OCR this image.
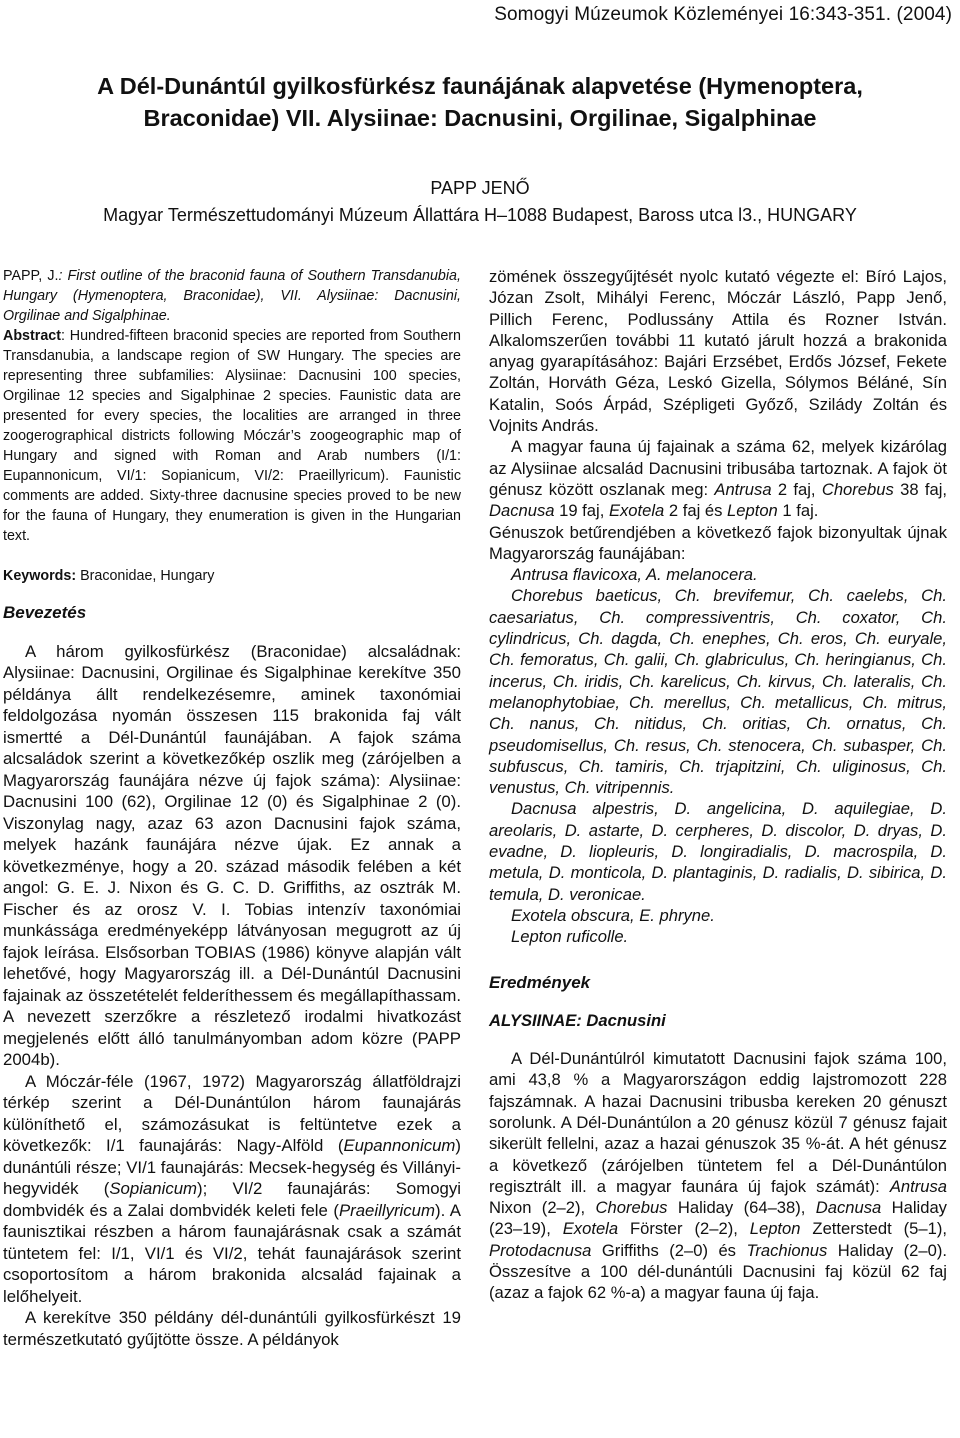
Somogyi Múzeumok Közleményei 16:343-351. (2004)
A Dél-Dunántúl gyilkosfürkész faunájának alapvetése (Hymenoptera,
Braconidae) VII. Alysiinae: Dacnusini, Orgilinae, Sigalphinae
PAPP JENŐ
Magyar Természettudományi Múzeum Állattára H–1088 Budapest, Baross utca l3., HUNGARY

PAPP, J.: First outline of the braconid fauna of Southern Transdanubia, Hungary (Hymenoptera, Braconidae), VII. Alysiinae: Dacnusini, Orgilinae and Sigalphinae.

Abstract: Hundred-fifteen braconid species are reported from Southern Transdanubia, a landscape region of SW Hungary. The species are representing three subfamilies: Alysiinae: Dacnusini 100 species, Orgilinae 12 species and Sigalphinae 2 species. Faunistic data are presented for every species, the localities are arranged in three zoogerographical districts following Móczár’s zoogeographic map of Hungary and signed with Roman and Arab numbers (I/1: Eupannonicum, VI/1: Sopianicum, VI/2: Praeillyricum). Faunistic comments are added. Sixty-three dacnusine species proved to be new for the fauna of Hungary, they enumeration is given in the Hungarian text.

Keywords: Braconidae, Hungary

Bevezetés

A három gyilkosfürkész (Braconidae) alcsaládnak: Alysiinae: Dacnusini, Orgilinae és Sigalphinae kerekítve 350 példánya állt rendelkezésemre, aminek taxonómiai feldolgozása nyomán összesen 115 brakonida faj vált ismertté a Dél-Dunántúl faunájában. A fajok száma alcsaládok szerint a következőkép oszlik meg (zárójelben a Magyarország faunájára nézve új fajok száma): Alysiinae: Dacnusini 100 (62), Orgilinae 12 (0) és Sigalphinae 2 (0). Viszonylag nagy, azaz 63 azon Dacnusini fajok száma, melyek hazánk faunájára nézve újak. Ez annak a következménye, hogy a 20. század második felében a két angol: G. E. J. Nixon és G. C. D. Griffiths, az osztrák M. Fischer és az orosz V. I. Tobias intenzív taxonómiai munkássága eredményeképp látványosan megugrott az új fajok leírása. Elsősorban TOBIAS (1986) könyve alapján vált lehetővé, hogy Magyarország ill. a Dél-Dunántúl Dacnusini fajainak az összetételét felderíthessem és megállapíthassam. A nevezett szerzőkre a részletező irodalmi hivatkozást megjelenés előtt álló tanulmányomban adom közre (PAPP 2004b).

A Móczár-féle (1967, 1972) Magyarország állatföldrajzi térkép szerint a Dél-Dunántúlon három faunajárás különíthető el, számozásukat is feltüntetve ezek a következők: I/1 faunajárás: Nagy-Alföld (Eupannonicum) dunántúli része; VI/1 faunajárás: Mecsek-hegység és Villányi-hegyvidék (Sopianicum); VI/2 faunajárás: Somogyi dombvidék és a Zalai dombvidék keleti fele (Praeillyricum). A faunisztikai részben a három faunajárásnak csak a számát tüntetem fel: I/1, VI/1 és VI/2, tehát faunajárások szerint csoportosítom a három brakonida alcsalád fajainak a lelőhelyeit.

A kerekítve 350 példány dél-dunántúli gyilkosfürkészt 19 természetkutató gyűjtötte össze. A példányok

zömének összegyűjtését nyolc kutató végezte el: Bíró Lajos, Józan Zsolt, Mihályi Ferenc, Móczár László, Papp Jenő, Pillich Ferenc, Podlussány Attila és Rozner István. Alkalomszerűen további 11 kutató járult hozzá a brakonida anyag gyarapításához: Bajári Erzsébet, Erdős József, Fekete Zoltán, Horváth Géza, Leskó Gizella, Sólymos Béláné, Sín Katalin, Soós Árpád, Szépligeti Győző, Szilády Zoltán és Vojnits András.

A magyar fauna új fajainak a száma 62, melyek kizárólag az Alysiinae alcsalád Dacnusini tribusába tartoznak. A fajok öt génusz között oszlanak meg: Antrusa 2 faj, Chorebus 38 faj, Dacnusa 19 faj, Exotela 2 faj és Lepton 1 faj.

Génuszok betűrendjében a következő fajok bizonyultak újnak Magyarország faunájában:

Antrusa flavicoxa, A. melanocera.

Chorebus baeticus, Ch. brevifemur, Ch. caelebs, Ch. caesariatus, Ch. compressiventris, Ch. coxator, Ch. cylindricus, Ch. dagda, Ch. enephes, Ch. eros, Ch. euryale, Ch. femoratus, Ch. galii, Ch. glabriculus, Ch. heringianus, Ch. incerus, Ch. iridis, Ch. karelicus, Ch. kirvus, Ch. lateralis, Ch. melanophytobiae, Ch. merellus, Ch. metallicus, Ch. mitrus, Ch. nanus, Ch. nitidus, Ch. oritias, Ch. ornatus, Ch. pseudomisellus, Ch. resus, Ch. stenocera, Ch. subasper, Ch. subfuscus, Ch. tamiris, Ch. trjapitzini, Ch. uliginosus, Ch. venustus, Ch. vitripennis.

Dacnusa alpestris, D. angelicina, D. aquilegiae, D. areolaris, D. astarte, D. cerpheres, D. discolor, D. dryas, D. evadne, D. liopleuris, D. longiradialis, D. macrospila, D. metula, D. monticola, D. plantaginis, D. radialis, D. sibirica, D. temula, D. veronicae.

Exotela obscura, E. phryne.

Lepton ruficolle.

Eredmények
ALYSIINAE: Dacnusini

A Dél-Dunántúlról kimutatott Dacnusini fajok száma 100, ami 43,8 % a Magyarországon eddig lajstromozott 228 fajszámnak. A hazai Dacnusini tribusba kereken 20 génuszt sorolunk. A Dél-Dunántúlon a 20 génusz közül 7 génusz fajait sikerült fellelni, azaz a hazai génuszok 35 %-át. A hét génusz a következő (zárójelben tüntetem fel a Dél-Dunántúlon regisztrált ill. a magyar faunára új fajok számát): Antrusa Nixon (2–2), Chorebus Haliday (64–38), Dacnusa Haliday (23–19), Exotela Förster (2–2), Lepton Zetterstedt (5–1), Protodacnusa Griffiths (2–0) és Trachionus Haliday (2–0). Összesítve a 100 dél-dunántúli Dacnusini faj közül 62 faj (azaz a fajok 62 %-a) a magyar fauna új faja.
